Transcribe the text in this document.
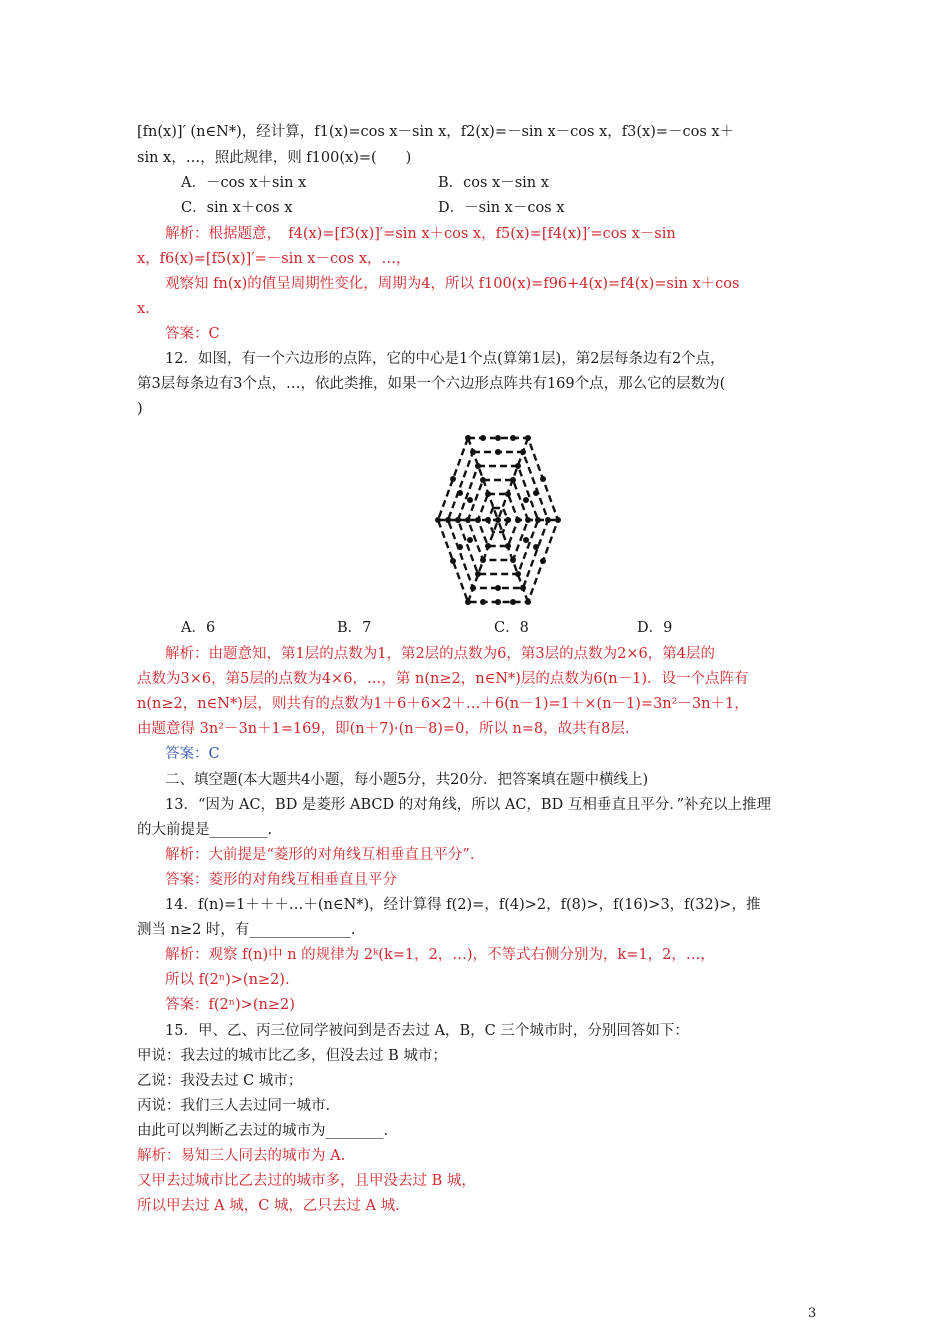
[fn(x)]′ (n∈N*)，经计算，f1(x)=cos x－sin x，f2(x)=－sin x－cos x，f3(x)=－cos x＋
sin x，…，照此规律，则 f100(x)=(　　)
A．－cos x＋sin x	B．cos x－sin x
C．sin x＋cos x	D．－sin x－cos x
解析：根据题意，　f4(x)=[f3(x)]′=sin x＋cos x，f5(x)=[f4(x)]′=cos x－sin
x，f6(x)=[f5(x)]′=－sin x－cos x，…，
观察知 fn(x)的值呈周期性变化，周期为4，所以 f100(x)=f96+4(x)=f4(x)=sin x＋cos
x.
答案：C
12．如图，有一个六边形的点阵，它的中心是1个点(算第1层)，第2层每条边有2个点，
第3层每条边有3个点，…，依此类推，如果一个六边形点阵共有169个点，那么它的层数为(
)
A．6	B．7	C．8	D．9
解析：由题意知，第1层的点数为1，第2层的点数为6，第3层的点数为2×6，第4层的
点数为3×6，第5层的点数为4×6，…，第 n(n≥2，n∈N*)层的点数为6(n－1)．设一个点阵有
n(n≥2，n∈N*)层，则共有的点数为1＋6＋6×2＋…＋6(n－1)=1＋×(n－1)=3n²－3n＋1，
由题意得 3n²－3n＋1=169，即(n＋7)·(n－8)=0，所以 n=8，故共有8层.
答案：C
二、填空题(本大题共4小题，每小题5分，共20分．把答案填在题中横线上)
13．“因为 AC，BD 是菱形 ABCD 的对角线，所以 AC，BD 互相垂直且平分．”补充以上推理
的大前提是________.
解析：大前提是“菱形的对角线互相垂直且平分”.
答案：菱形的对角线互相垂直且平分
14．f(n)=1＋＋＋…＋(n∈N*)，经计算得 f(2)=，f(4)>2，f(8)>，f(16)>3，f(32)>，推
测当 n≥2 时，有______________.
解析：观察 f(n)中 n 的规律为 2ᵏ(k=1，2，…)，不等式右侧分别为，k=1，2，…，
所以 f(2ⁿ)>(n≥2).
答案：f(2ⁿ)>(n≥2)
15．甲、乙、丙三位同学被问到是否去过 A，B，C 三个城市时，分别回答如下：
甲说：我去过的城市比乙多，但没去过 B 城市；
乙说：我没去过 C 城市；
丙说：我们三人去过同一城市.
由此可以判断乙去过的城市为________.
解析：易知三人同去的城市为 A.
又甲去过城市比乙去过的城市多，且甲没去过 B 城，
所以甲去过 A 城，C 城，乙只去过 A 城.
3
